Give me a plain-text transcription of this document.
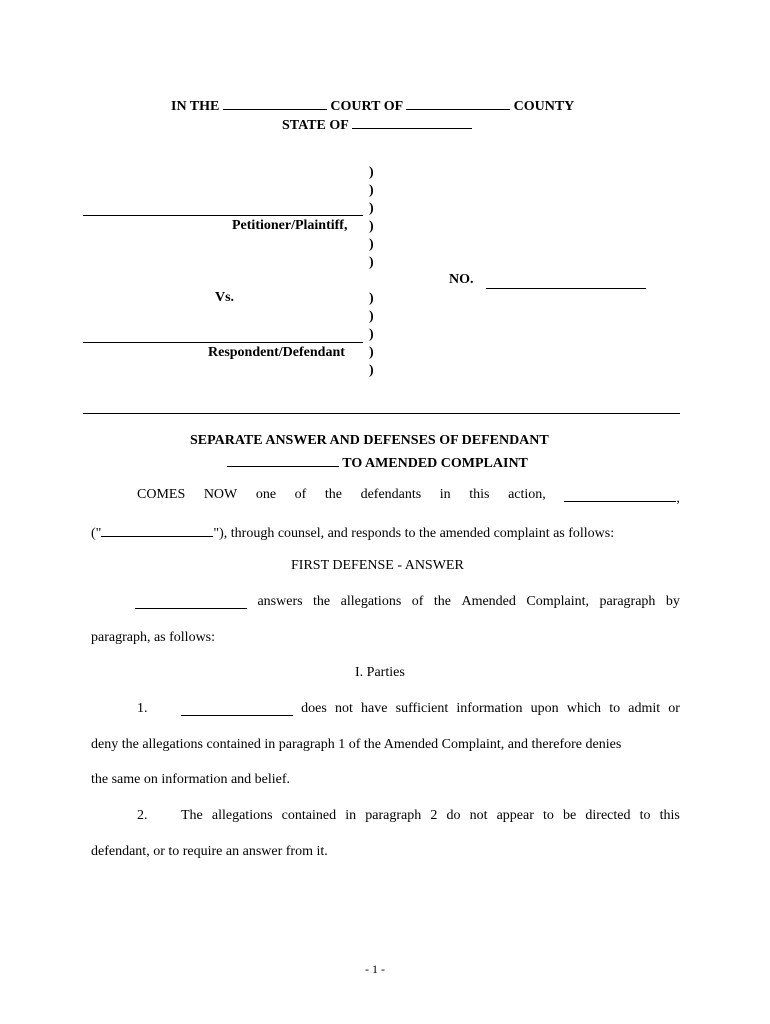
IN THE	COURT OF	COUNTY
STATE OF
)
)
)
)
)
)
)
)
)
)
)
Petitioner/Plaintiff,
Vs.
Respondent/Defendant
NO.
SEPARATE ANSWER AND DEFENSES OF DEFENDANT
TO AMENDED COMPLAINT
COMES NOW one of the defendants in this action,	,
("	"), through counsel, and responds to the amended complaint as follows:
FIRST DEFENSE - ANSWER
answers the allegations of the Amended Complaint, paragraph by
paragraph, as follows:
I. Parties
1.	does not have sufficient information upon which to admit or
deny the allegations contained in paragraph 1 of the Amended Complaint, and therefore denies
the same on information and belief.
2. The allegations contained in paragraph 2 do not appear to be directed to this
defendant, or to require an answer from it.
- 1 -
